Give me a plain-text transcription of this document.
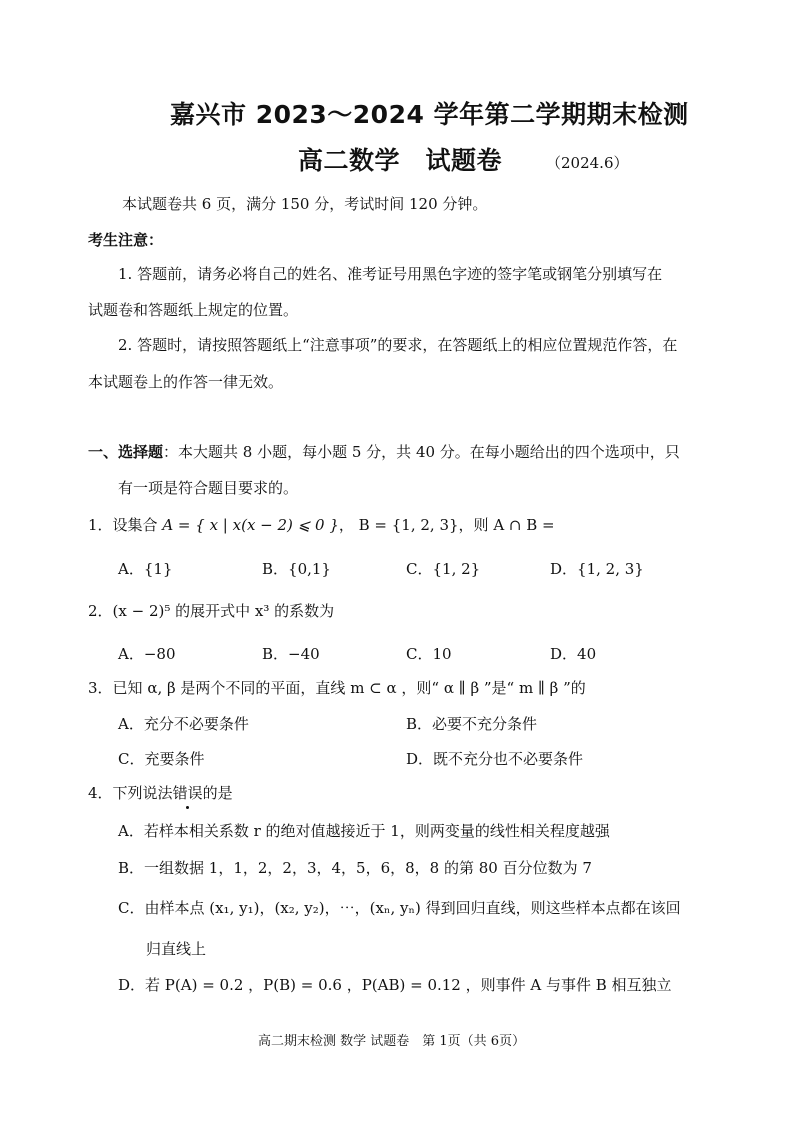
嘉兴市 2023～2024 学年第二学期期末检测
高二数学　试题卷	（2024.6）
本试题卷共 6 页，满分 150 分，考试时间 120 分钟。
考生注意：
1. 答题前，请务必将自己的姓名、准考证号用黑色字迹的签字笔或钢笔分别填写在
试题卷和答题纸上规定的位置。
2. 答题时，请按照答题纸上“注意事项”的要求，在答题纸上的相应位置规范作答，在
本试题卷上的作答一律无效。
一、选择题：本大题共 8 小题，每小题 5 分，共 40 分。在每小题给出的四个选项中，只
有一项是符合题目要求的。
1．设集合 A = { x | x(x − 2) ⩽ 0 }， B = {1, 2, 3}，则 A ∩ B =
A．{1}	B．{0,1}	C．{1, 2}	D．{1, 2, 3}
2．(x − 2)⁵ 的展开式中 x³ 的系数为
A．−80	B．−40	C．10	D．40
3．已知 α, β 是两个不同的平面，直线 m ⊂ α ，则“ α ∥ β ”是“ m ∥ β ”的
A．充分不必要条件	B．必要不充分条件
C．充要条件	D．既不充分也不必要条件
4．下列说法错误的是
A．若样本相关系数 r 的绝对值越接近于 1，则两变量的线性相关程度越强
B．一组数据 1，1，2，2，3，4，5，6，8，8 的第 80 百分位数为 7
C．由样本点 (x₁, y₁)，(x₂, y₂)，⋯，(xₙ, yₙ) 得到回归直线，则这些样本点都在该回
归直线上
D．若 P(A) = 0.2 ，P(B) = 0.6 ，P(AB) = 0.12 ，则事件 A 与事件 B 相互独立
高二期末检测 数学 试题卷　第 1页（共 6页）
